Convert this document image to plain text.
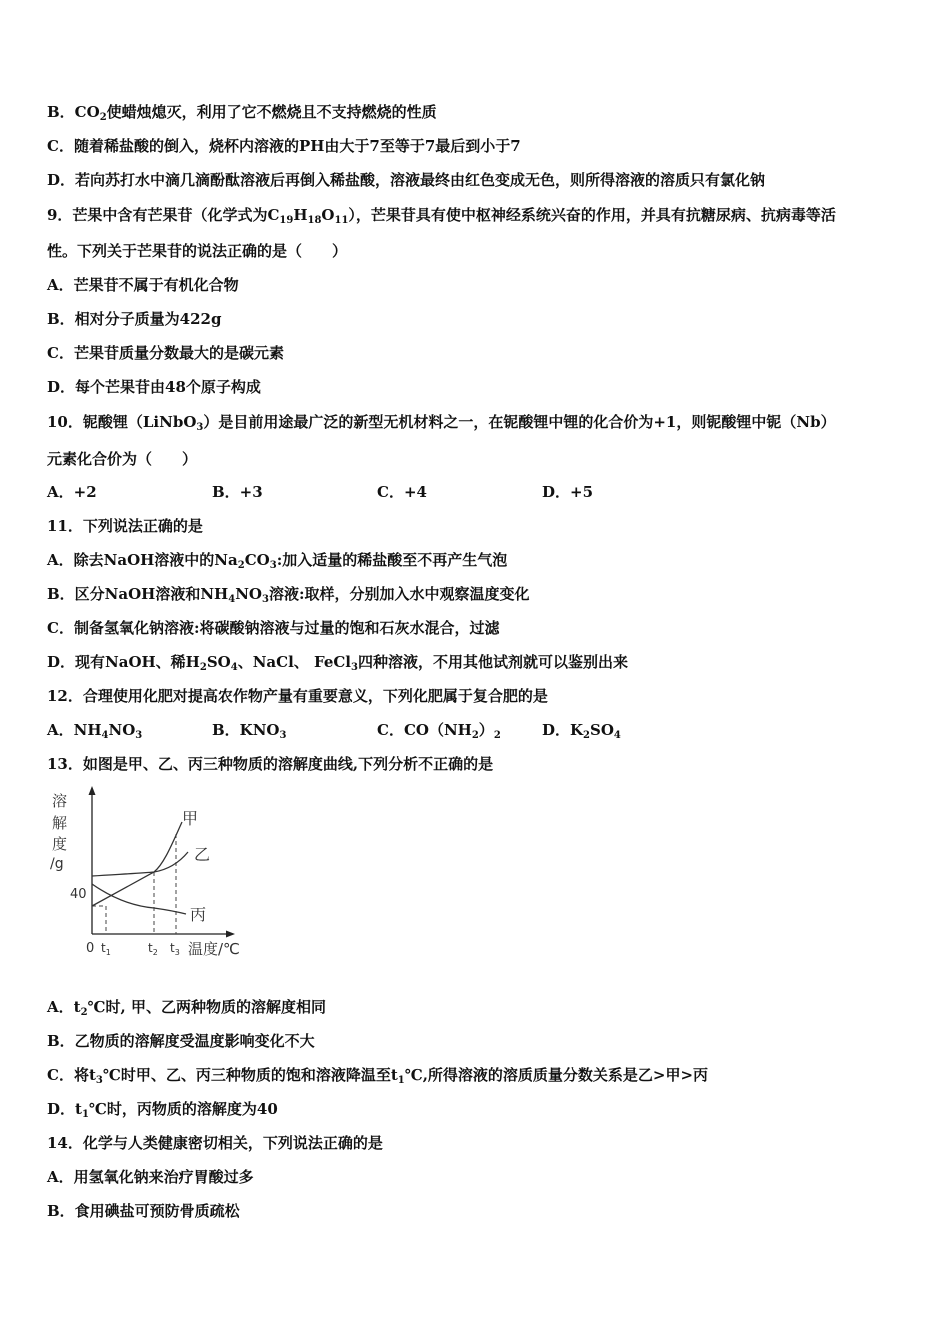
B．$CO_2$使蜡烛熄灭，利用了它不燃烧且不支持燃烧的性质
C．随着稀盐酸的倒入，烧杯内溶液的PH由大于7至等于7最后到小于7
D．若向苏打水中滴几滴酚酞溶液后再倒入稀盐酸，溶液最终由红色变成无色，则所得溶液的溶质只有氯化钠
9．芒果中含有芒果苷（化学式为$C_{19}H_{18}O_{11}$），芒果苷具有使中枢神经系统兴奋的作用，并具有抗糖尿病、抗病毒等活
性。下列关于芒果苷的说法正确的是（　　）
A．芒果苷不属于有机化合物
B．相对分子质量为422g
C．芒果苷质量分数最大的是碳元素
D．每个芒果苷由48个原子构成
10．铌酸锂（LiNbO$_3$）是目前用途最广泛的新型无机材料之一，在铌酸锂中锂的化合价为+1，则铌酸锂中铌（Nb）
元素化合价为（　　）
A．+2	B．+3	C．+4	D．+5
11．下列说法正确的是
A．除去NaOH溶液中的$Na_2CO_3$:加入适量的稀盐酸至不再产生气泡
B．区分NaOH溶液和$NH_4NO_3$溶液:取样，分别加入水中观察温度变化
C．制备氢氧化钠溶液:将碳酸钠溶液与过量的饱和石灰水混合，过滤
D．现有NaOH、稀$H_2SO_4$、NaCl、 FeCl$_3$四种溶液，不用其他试剂就可以鉴别出来
12．合理使用化肥对提高农作物产量有重要意义，下列化肥属于复合肥的是
A．$NH_4NO_3$	B．$KNO_3$	C．$CO(NH_2)_2$	D．$K_2SO_4$
13．如图是甲、乙、丙三种物质的溶解度曲线,下列分析不正确的是
溶
解
度
/g
40
甲
乙
丙
0 $t_1$	$t_2$ $t_3$ 温度/℃
A．$t_2℃$时, 甲、乙两种物质的溶解度相同
B．乙物质的溶解度受温度影响变化不大
C．将$t_3℃$时甲、乙、丙三种物质的饱和溶液降温至$t_1℃$,所得溶液的溶质质量分数关系是乙>甲>丙
D．$t_1℃$时，丙物质的溶解度为40
14．化学与人类健康密切相关，下列说法正确的是
A．用氢氧化钠来治疗胃酸过多
B．食用碘盐可预防骨质疏松
